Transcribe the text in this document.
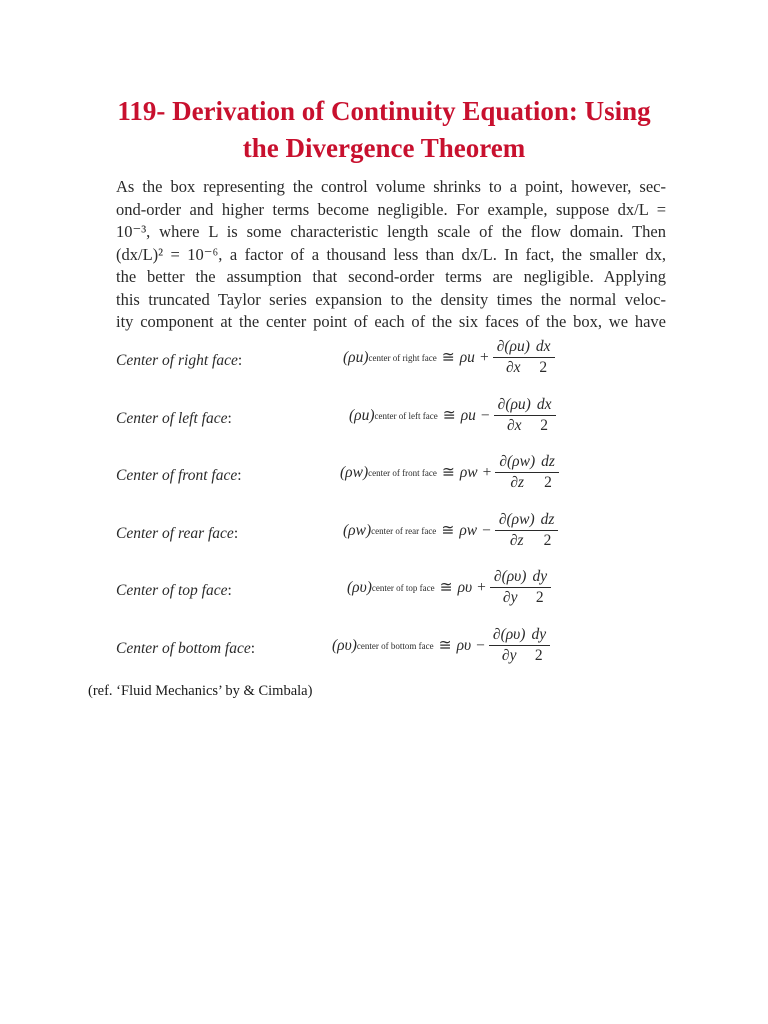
119- Derivation of Continuity Equation: Using
the Divergence Theorem
As the box representing the control volume shrinks to a point, however, sec-
ond-order and higher terms become negligible. For example, suppose dx/L =
10⁻³, where L is some characteristic length scale of the flow domain. Then
(dx/L)² = 10⁻⁶, a factor of a thousand less than dx/L. In fact, the smaller dx,
the better the assumption that second-order terms are negligible. Applying
this truncated Taylor series expansion to the density times the normal veloc-
ity component at the center point of each of the six faces of the box, we have
Center of right face:	(ρu) center of right face ≅ $\rho u + \frac{\partial(\rho u)}{\partial x} \frac{dx}{2}$
Center of left face:	(ρu) center of left face ≅ $\rho u - \frac{\partial(\rho u)}{\partial x} \frac{dx}{2}$
Center of front face:	(ρw) center of front face ≅ $\rho w + \frac{\partial(\rho w)}{\partial z} \frac{dz}{2}$
Center of rear face:	(ρw) center of rear face ≅ $\rho w - \frac{\partial(\rho w)}{\partial z} \frac{dz}{2}$
Center of top face:	(ρυ) center of top face ≅ $\rho\upsilon + \frac{\partial(\rho\upsilon)}{\partial y} \frac{dy}{2}$
Center of bottom face:	(ρυ) center of bottom face ≅ $\rho\upsilon - \frac{\partial(\rho\upsilon)}{\partial y} \frac{dy}{2}$
(ref. ‘Fluid Mechanics’ by & Cimbala)
